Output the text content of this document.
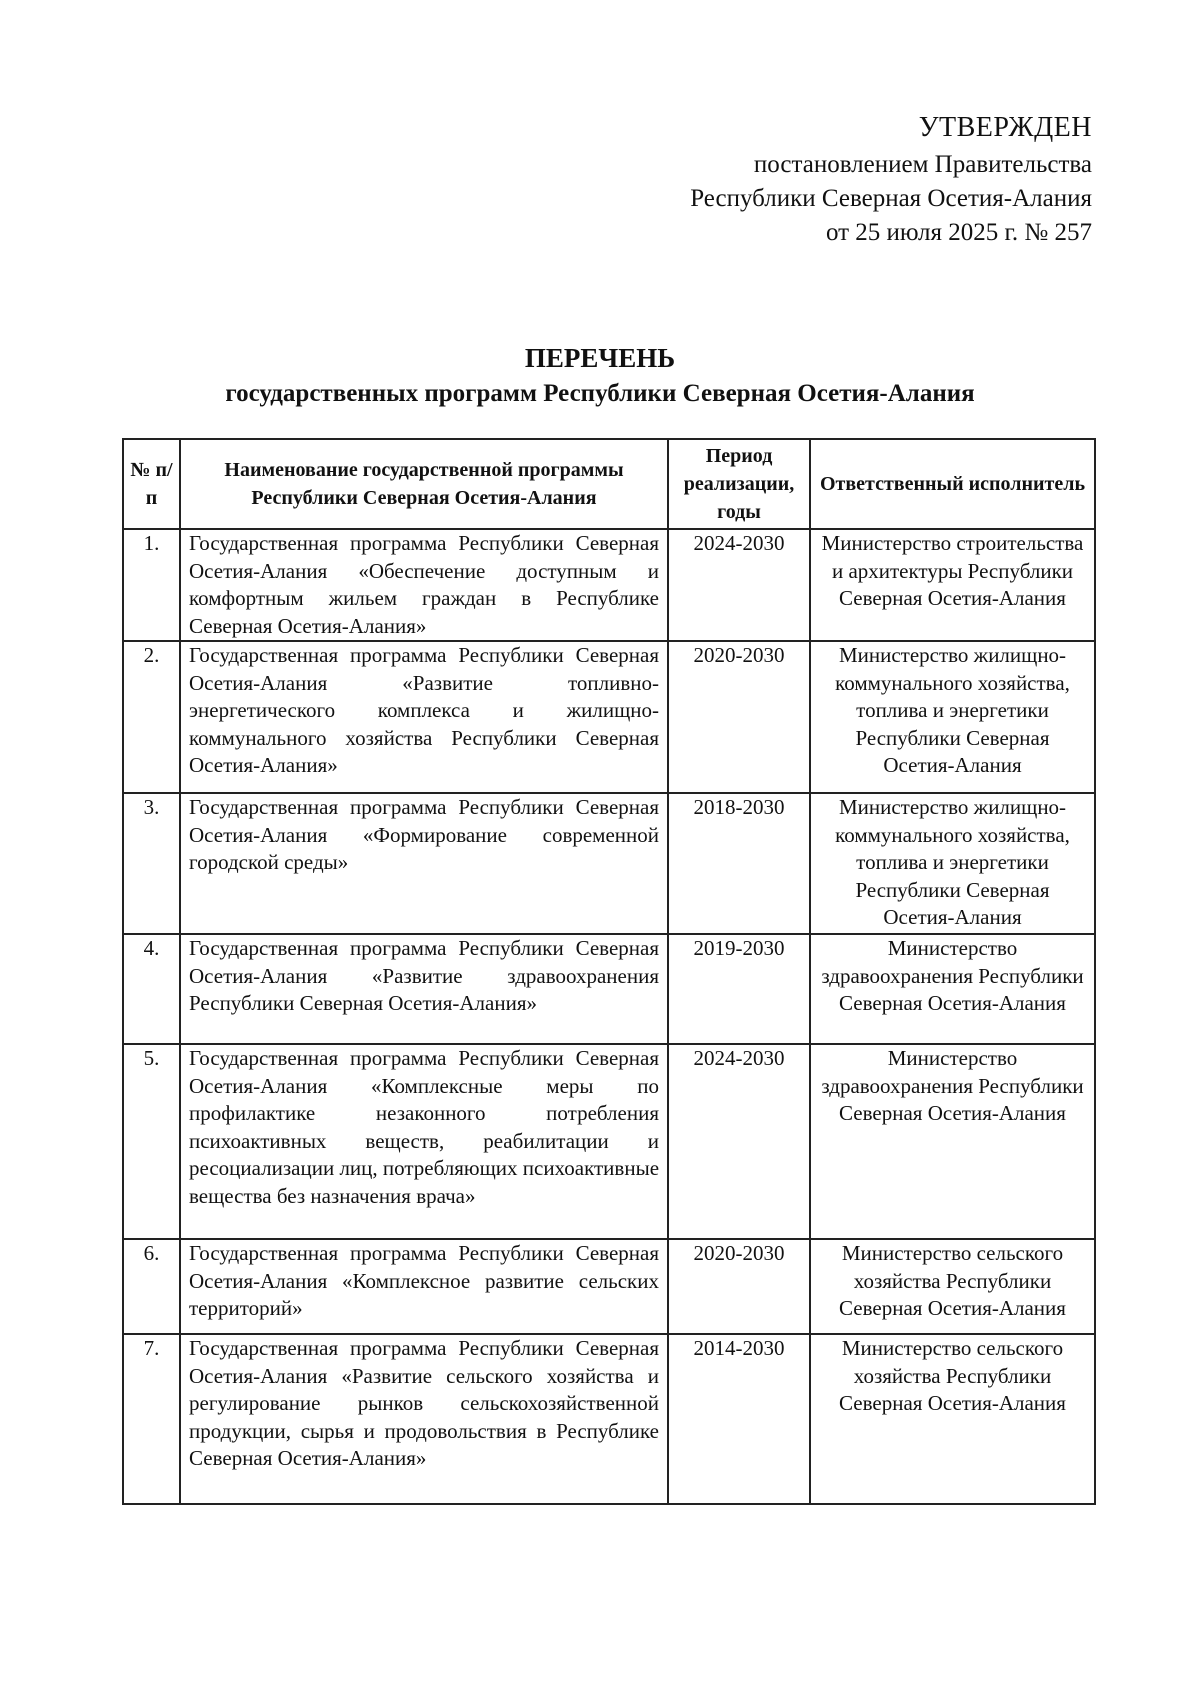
УТВЕРЖДЕН
постановлением Правительства
Республики Северная Осетия-Алания
от 25 июля 2025 г. № 257
ПЕРЕЧЕНЬ
государственных программ Республики Северная Осетия-Алания
№ п/п	Наименование государственной программы Республики Северная Осетия-Алания	Период реализации, годы	Ответственный исполнитель
1.	Государственная программа Республики Северная Осетия-Алания «Обеспечение доступным и комфортным жильем граждан в Республике Северная Осетия-Алания»	2024-2030	Министерство строительства и архитектуры Республики Северная Осетия-Алания
2.	Государственная программа Республики Северная Осетия-Алания «Развитие топливно-энергетического комплекса и жилищно-коммунального хозяйства Республики Северная Осетия-Алания»	2020-2030	Министерство жилищно-коммунального хозяйства, топлива и энергетики Республики Северная Осетия-Алания
3.	Государственная программа Республики Северная Осетия-Алания «Формирование современной городской среды»	2018-2030	Министерство жилищно-коммунального хозяйства, топлива и энергетики Республики Северная Осетия-Алания
4.	Государственная программа Республики Северная Осетия-Алания «Развитие здравоохранения Республики Северная Осетия-Алания»	2019-2030	Министерство здравоохранения Республики Северная Осетия-Алания
5.	Государственная программа Республики Северная Осетия-Алания «Комплексные меры по профилактике незаконного потребления психоактивных веществ, реабилитации и ресоциализации лиц, потребляющих психоактивные вещества без назначения врача»	2024-2030	Министерство здравоохранения Республики Северная Осетия-Алания
6.	Государственная программа Республики Северная Осетия-Алания «Комплексное развитие сельских территорий»	2020-2030	Министерство сельского хозяйства Республики Северная Осетия-Алания
7.	Государственная программа Республики Северная Осетия-Алания «Развитие сельского хозяйства и регулирование рынков сельскохозяйственной продукции, сырья и продовольствия в Республике Северная Осетия-Алания»	2014-2030	Министерство сельского хозяйства Республики Северная Осетия-Алания
